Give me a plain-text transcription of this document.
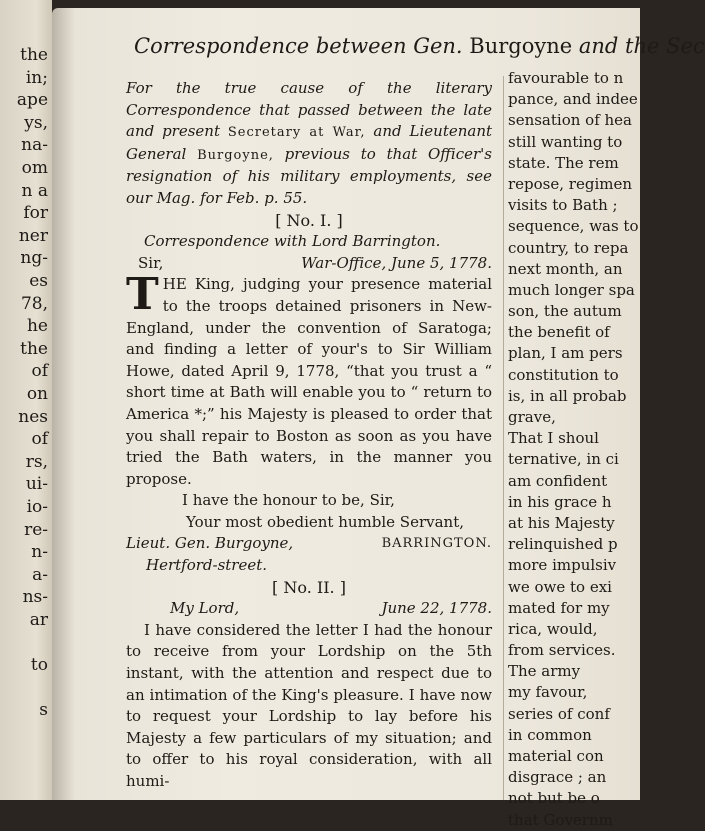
the
in;
ape
ys,
na-
om
n a
for
ner
ng-
es
78,
he
the
of
on
nes
of
rs,
ui-
io-
re-
n-
a-
ns-
ar
to
s
Correspondence between Gen. Burgoyne and the Sec

For the true cause of the literary Correspondence that passed between the late and present Secretary at War, and Lieutenant General Burgoyne, previous to that Officer's resignation of his military employments, see our Mag. for Feb. p. 55.

[ No. I. ]

Correspondence with Lord Barrington.

Sir,	War-Office, June 5, 1778.

THE King, judging your presence material to the troops detained prisoners in New-England, under the convention of Saratoga; and finding a letter of your's to Sir William Howe, dated April 9, 1778, “that you trust a “ short time at Bath will enable you to “ return to America *;” his Majesty is pleased to order that you shall repair to Boston as soon as you have tried the Bath waters, in the manner you propose.

I have the honour to be, Sir,

Your most obedient humble Servant,

Lieut. Gen. Burgoyne,	BARRINGTON.

Hertford-street.

[ No. II. ]

My Lord,	June 22, 1778.

I have considered the letter I had the honour to receive from your Lordship on the 5th instant, with the attention and respect due to an intimation of the King's pleasure. I have now to request your Lordship to lay before his Majesty a few particulars of my situation; and to offer to his royal consideration, with all humi-

favourable to n
pance, and indee
sensation of hea
still wanting to
state. The rem
repose, regimen
visits to Bath ;
sequence, was to
country, to repa
next month, an
much longer spa
son, the autum
the benefit of
plan, I am pers
constitution to
is, in all probab
grave,
That I shoul
ternative, in ci
am confident
in his grace h
at his Majesty
relinquished p
more impulsiv
we owe to exi
mated for my
rica, would,
from services.
The army
my favour,
series of conf
in common
material con
disgrace ; an
not but be o
that Governm
